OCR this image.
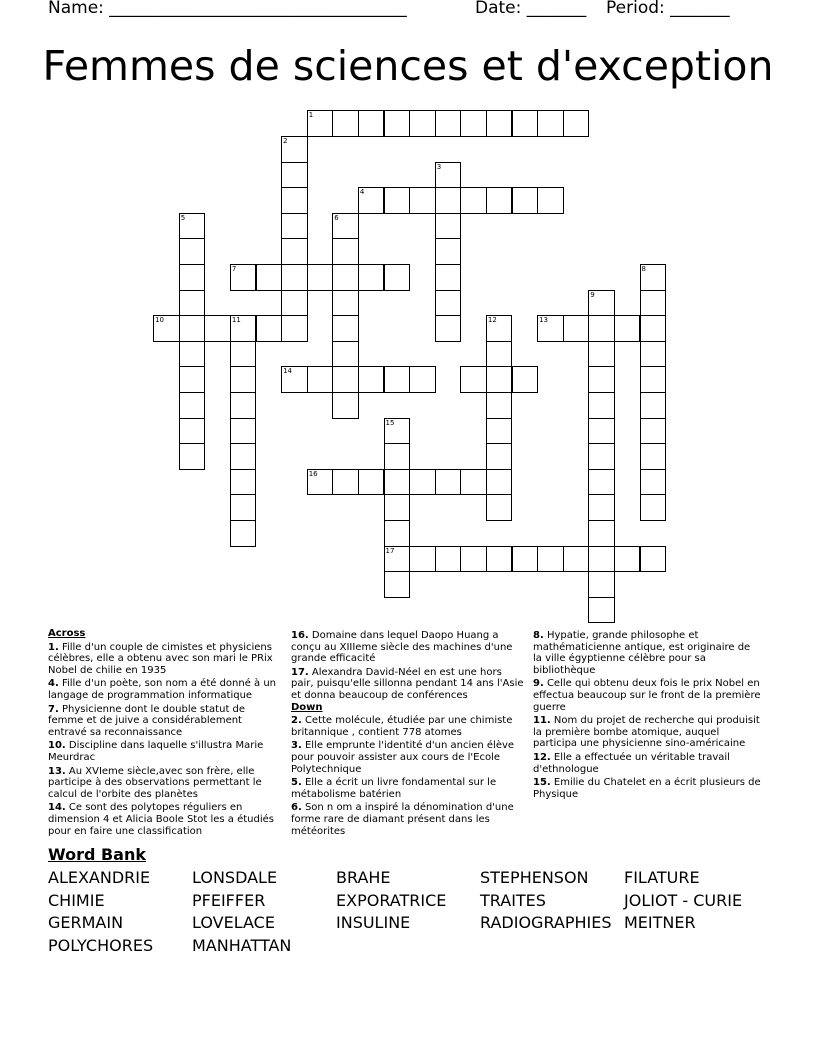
Name: ___________________________________	Date: _______ Period: _______
Femmes de sciences et d'exception
1
2
3
4
5	6
7	8
9
10	11	12	13
14
15
16
17
Across
1. Fille d'un couple de cimistes et physiciens célèbres, elle a obtenu avec son mari le PRix Nobel de chilie en 1935
4. Fille d'un poète, son nom a été donné à un langage de programmation informatique
7. Physicienne dont le double statut de femme et de juive a considérablement entravé sa reconnaissance
10. Discipline dans laquelle s'illustra Marie Meurdrac
13. Au XVIeme siècle,avec son frère, elle participe à des observations permettant le calcul de l'orbite des planètes
14. Ce sont des polytopes réguliers en dimension 4 et Alicia Boole Stot les a étudiés pour en faire une classification
16. Domaine dans lequel Daopo Huang a conçu au XIIIeme siècle des machines d'une grande efficacité
17. Alexandra David-Néel en est une hors pair, puisqu'elle sillonna pendant 14 ans l'Asie et donna beaucoup de conférences
Down
2. Cette molécule, étudiée par une chimiste britannique , contient 778 atomes
3. Elle emprunte l'identité d'un ancien élève pour pouvoir assister aux cours de l'Ecole Polytechnique
5. Elle a écrit un livre fondamental sur le métabolisme batérien
6. Son n om a inspiré la dénomination d'une forme rare de diamant présent dans les météorites
8. Hypatie, grande philosophe et mathématicienne antique, est originaire de la ville égyptienne célèbre pour sa bibliothèque
9. Celle qui obtenu deux fois le prix Nobel en effectua beaucoup sur le front de la première guerre
11. Nom du projet de recherche qui produisit la première bombe atomique, auquel participa une physicienne sino-américaine
12. Elle a effectuée un véritable travail d'ethnologue
15. Emilie du Chatelet en a écrit plusieurs de Physique
Word Bank
ALEXANDRIE	LONSDALE	BRAHE	STEPHENSON FILATURE
CHIMIE	PFEIFFER	EXPORATRICE TRAITES	JOLIOT - CURIE
GERMAIN	LOVELACE	INSULINE	RADIOGRAPHIES MEITNER
POLYCHORES MANHATTAN
